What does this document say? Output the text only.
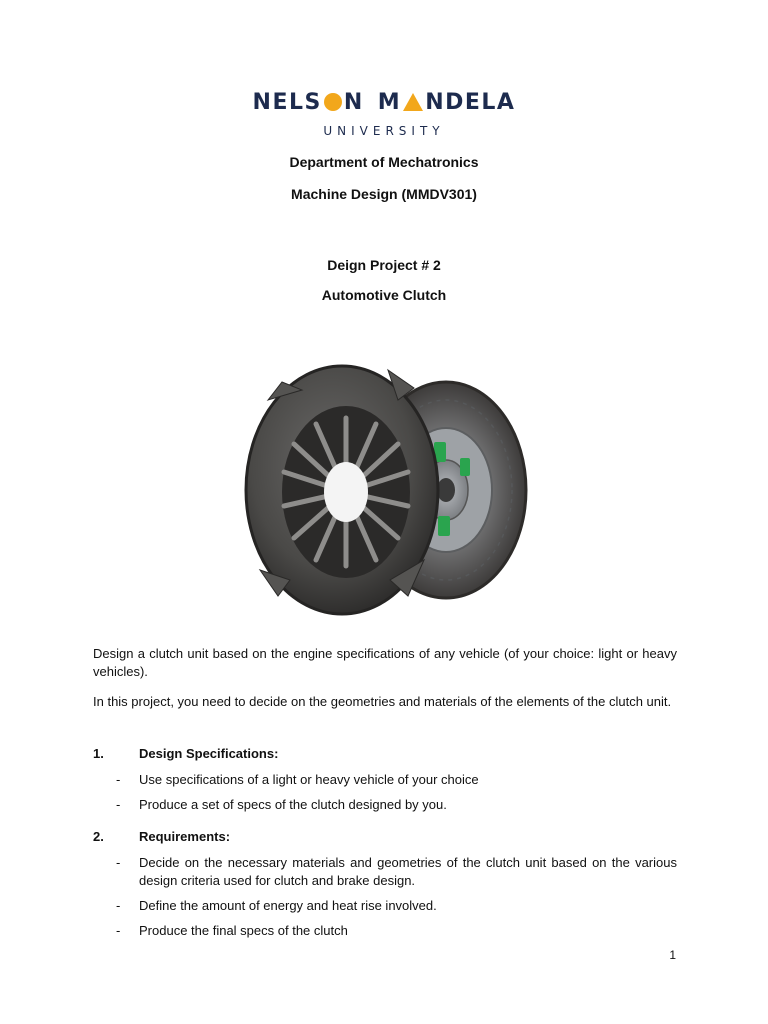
NELS N M NDELA
UNIVERSITY
Department of Mechatronics
Machine Design (MMDV301)
Deign Project # 2
Automotive Clutch
Design a clutch unit based on the engine specifications of any vehicle (of your choice: light or heavy vehicles).
In this project, you need to decide on the geometries and materials of the elements of the clutch unit.
1.	Design Specifications:
-	Use specifications of a light or heavy vehicle of your choice
-	Produce a set of specs of the clutch designed by you.
2.	Requirements:
-	Decide on the necessary materials and geometries of the clutch unit based on the various design criteria used for clutch and brake design.
-	Define the amount of energy and heat rise involved.
-	Produce the final specs of the clutch
1
